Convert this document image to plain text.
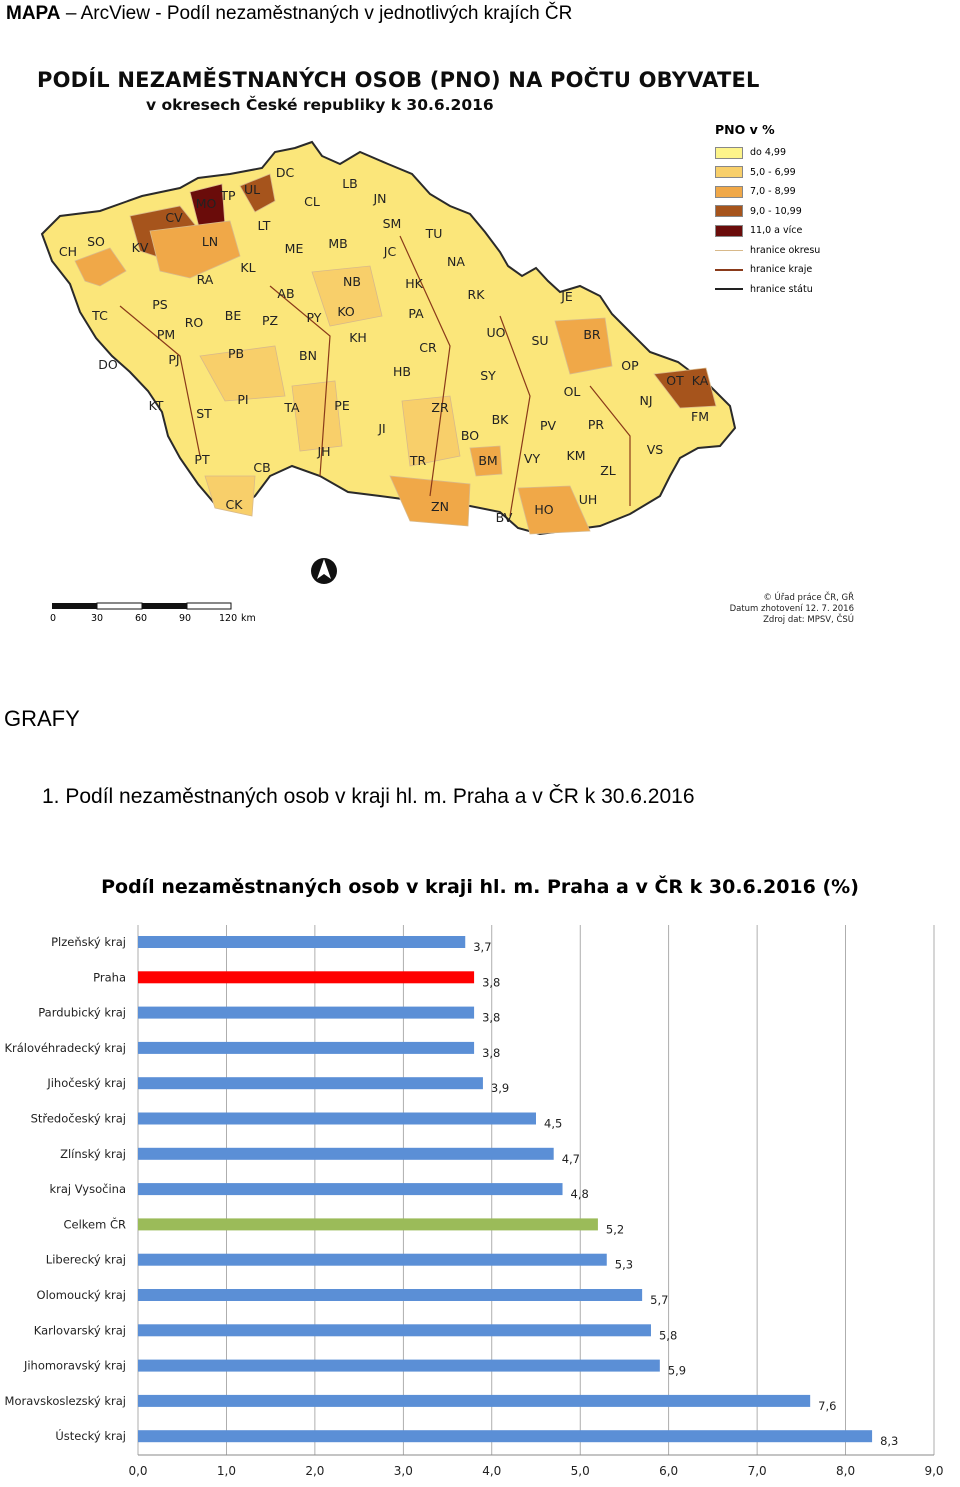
MAPA – ArcView - Podíl nezaměstnaných v jednotlivých krajích ČR
CH
SO KV
CV
MO
TP UL
DC
LN
LT
CL
LB
JN
SM
ME MB
JC
TU
NA
RA
KL
AB
NB	HK
RK	JE
TC
PS
RO BE PZ PY KO	PA
UO
SU	BR
PM	KH
CR
DO	PJ	PB	BN
HB	SY
OL
OP
OT KA
PI
TA	PE	NJ
FM
KT
ST	ZR
BK	PV	PR
JI	BO
PT
CB
JH
TR	BM VY KM
ZL
VS
CK	ZN
BV
HO
UH
PODÍL NEZAMĚSTNANÝCH OSOB (PNO) NA POČTU OBYVATEL
v okresech České republiky k 30.6.2016
PNO v %
do 4,99
5,0 - 6,99
7,0 - 8,99
9,0 - 10,99
11,0 a více
hranice okresu
hranice kraje
hranice státu
0	30	60	90	120 km
© Úřad práce ČR, GŘ
Datum zhotovení 12. 7. 2016
Zdroj dat: MPSV, ČSÚ
GRAFY
1. Podíl nezaměstnaných osob v kraji hl. m. Praha a v ČR k 30.6.2016
Podíl nezaměstnaných osob v kraji hl. m. Praha a v ČR k 30.6.2016 (%)
Plzeňský kraj	3,7
Praha	3,8
Pardubický kraj	3,8
Královéhradecký kraj	3,8
Jihočeský kraj	3,9
Středočeský kraj	4,5
Zlínský kraj	4,7
kraj Vysočina	4,8
Celkem ČR	5,2
Liberecký kraj	5,3
Olomoucký kraj	5,7
Karlovarský kraj	5,8
Jihomoravský kraj	5,9
Moravskoslezský kraj	7,6
Ústecký kraj	8,3
0,0	1,0	2,0	3,0	4,0	5,0	6,0	7,0	8,0	9,0
